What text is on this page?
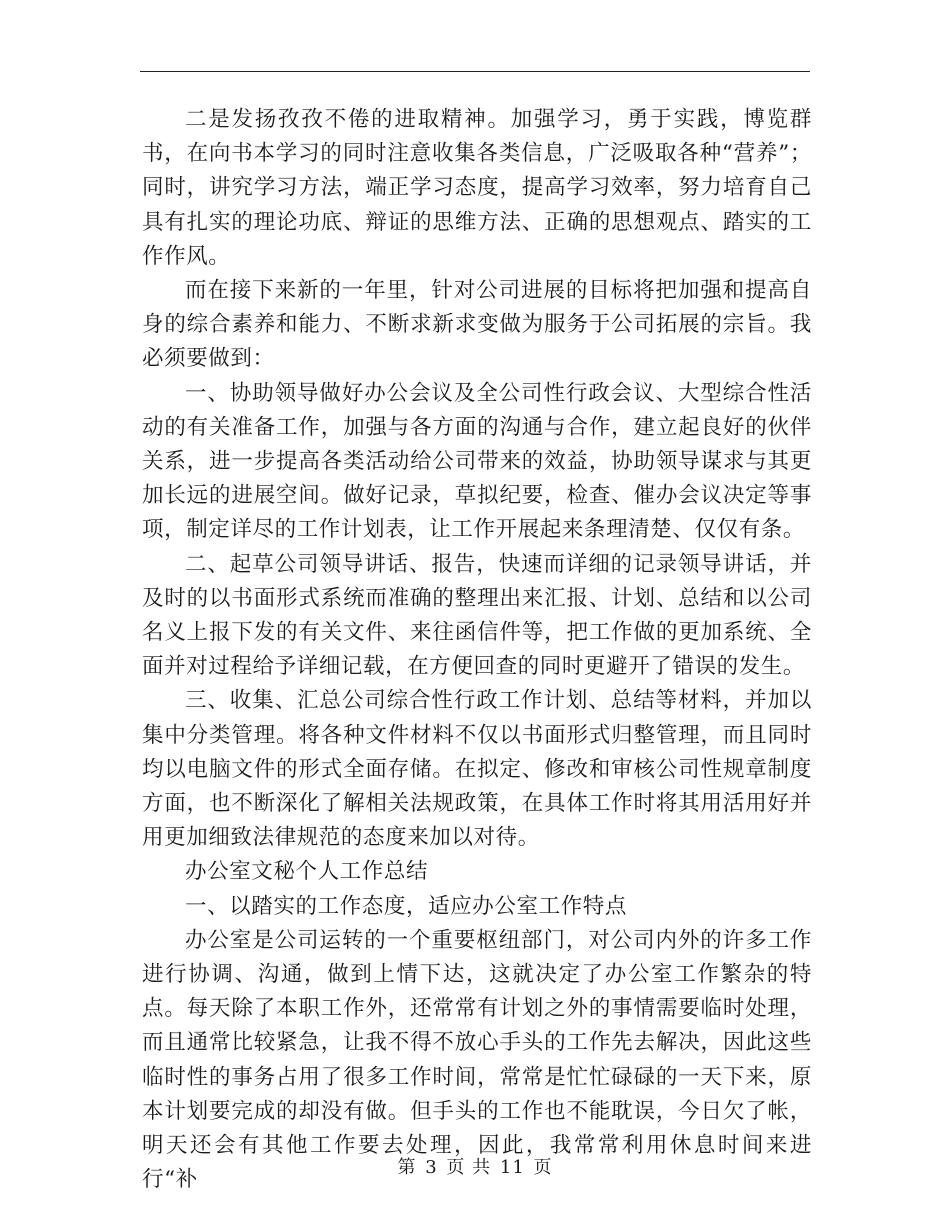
二是发扬孜孜不倦的进取精神。加强学习，勇于实践，博览群书，在向书本学习的同时注意收集各类信息，广泛吸取各种“营养”；同时，讲究学习方法，端正学习态度，提高学习效率，努力培育自己具有扎实的理论功底、辩证的思维方法、正确的思想观点、踏实的工作作风。

而在接下来新的一年里，针对公司进展的目标将把加强和提高自身的综合素养和能力、不断求新求变做为服务于公司拓展的宗旨。我必须要做到：

一、协助领导做好办公会议及全公司性行政会议、大型综合性活动的有关准备工作，加强与各方面的沟通与合作，建立起良好的伙伴关系，进一步提高各类活动给公司带来的效益，协助领导谋求与其更加长远的进展空间。做好记录，草拟纪要，检查、催办会议决定等事项，制定详尽的工作计划表，让工作开展起来条理清楚、仅仅有条。

二、起草公司领导讲话、报告，快速而详细的记录领导讲话，并及时的以书面形式系统而准确的整理出来汇报、计划、总结和以公司名义上报下发的有关文件、来往函信件等，把工作做的更加系统、全面并对过程给予详细记载，在方便回查的同时更避开了错误的发生。

三、收集、汇总公司综合性行政工作计划、总结等材料，并加以集中分类管理。将各种文件材料不仅以书面形式归整管理，而且同时均以电脑文件的形式全面存储。在拟定、修改和审核公司性规章制度方面，也不断深化了解相关法规政策，在具体工作时将其用活用好并用更加细致法律规范的态度来加以对待。

办公室文秘个人工作总结

一、以踏实的工作态度，适应办公室工作特点

办公室是公司运转的一个重要枢纽部门，对公司内外的许多工作进行协调、沟通，做到上情下达，这就决定了办公室工作繁杂的特点。每天除了本职工作外，还常常有计划之外的事情需要临时处理，而且通常比较紧急，让我不得不放心手头的工作先去解决，因此这些临时性的事务占用了很多工作时间，常常是忙忙碌碌的一天下来，原本计划要完成的却没有做。但手头的工作也不能耽误，今日欠了帐，明天还会有其他工作要去处理，因此，我常常利用休息时间来进行“补	第 3 页 共 11 页
